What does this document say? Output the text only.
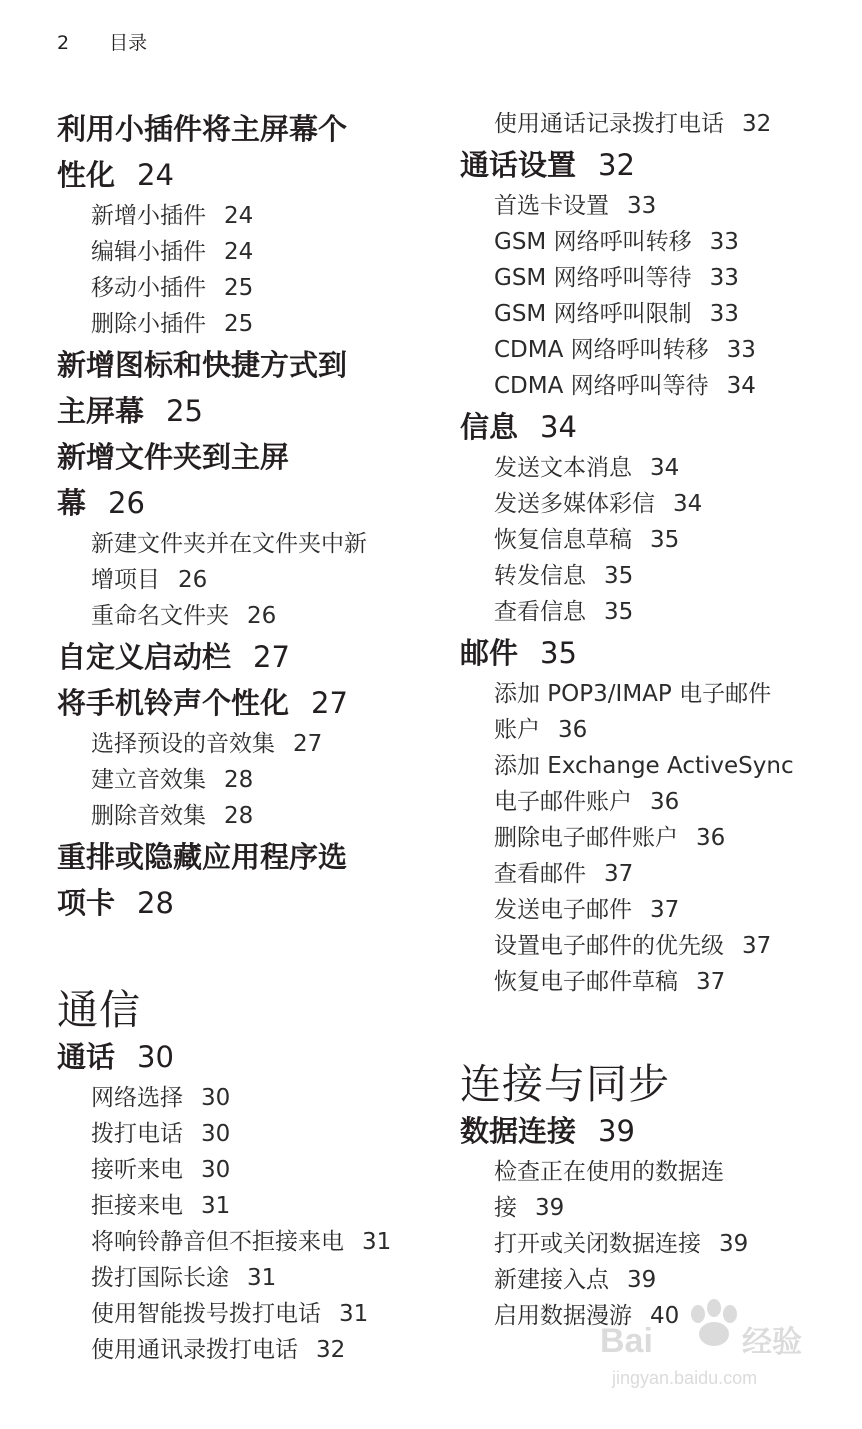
2 目录
利用小插件将主屏幕个
性化 24
新增小插件 24
编辑小插件 24
移动小插件 25
删除小插件 25
新增图标和快捷方式到
主屏幕 25
新增文件夹到主屏
幕 26
新建文件夹并在文件夹中新
增项目 26
重命名文件夹 26
自定义启动栏 27
将手机铃声个性化 27
选择预设的音效集 27
建立音效集 28
删除音效集 28
重排或隐藏应用程序选
项卡 28
通信
通话 30
网络选择 30
拨打电话 30
接听来电 30
拒接来电 31
将响铃静音但不拒接来电 31
拨打国际长途 31
使用智能拨号拨打电话 31
使用通讯录拨打电话 32
使用通话记录拨打电话 32
通话设置 32
首选卡设置 33
GSM 网络呼叫转移 33
GSM 网络呼叫等待 33
GSM 网络呼叫限制 33
CDMA 网络呼叫转移 33
CDMA 网络呼叫等待 34
信息 34
发送文本消息 34
发送多媒体彩信 34
恢复信息草稿 35
转发信息 35
查看信息 35
邮件 35
添加 POP3/IMAP 电子邮件
账户 36
添加 Exchange ActiveSync
电子邮件账户 36
删除电子邮件账户 36
查看邮件 37
发送电子邮件 37
设置电子邮件的优先级 37
恢复电子邮件草稿 37
连接与同步
数据连接 39
检查正在使用的数据连
接 39
打开或关闭数据连接 39
新建接入点 39
启用数据漫游 40
Bai	经验
jingyan.baidu.com
